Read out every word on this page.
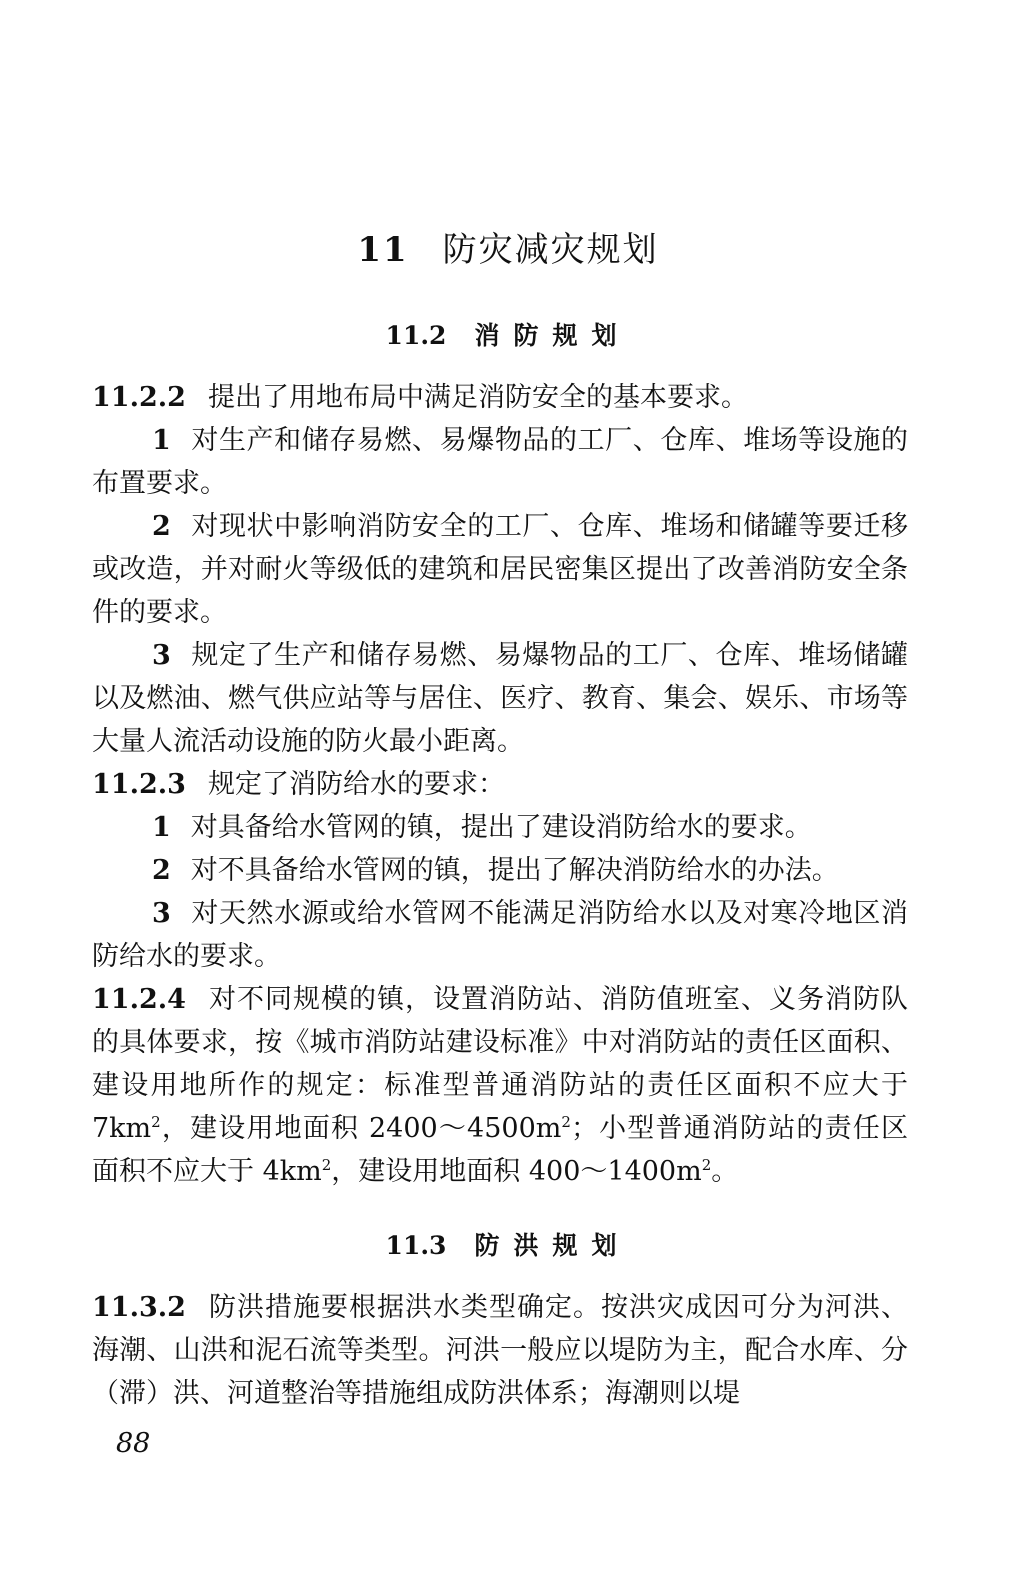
11 防灾减灾规划
11.2 消防规划

11.2.2 提出了用地布局中满足消防安全的基本要求。

1 对生产和储存易燃、易爆物品的工厂、仓库、堆场等设施的布置要求。

2 对现状中影响消防安全的工厂、仓库、堆场和储罐等要迁移或改造，并对耐火等级低的建筑和居民密集区提出了改善消防安全条件的要求。

3 规定了生产和储存易燃、易爆物品的工厂、仓库、堆场储罐以及燃油、燃气供应站等与居住、医疗、教育、集会、娱乐、市场等大量人流活动设施的防火最小距离。

11.2.3 规定了消防给水的要求：

1 对具备给水管网的镇，提出了建设消防给水的要求。

2 对不具备给水管网的镇，提出了解决消防给水的办法。

3 对天然水源或给水管网不能满足消防给水以及对寒冷地区消防给水的要求。

11.2.4 对不同规模的镇，设置消防站、消防值班室、义务消防队的具体要求，按《城市消防站建设标准》中对消防站的责任区面积、建设用地所作的规定：标准型普通消防站的责任区面积不应大于 $7km^2$，建设用地面积 $2400\sim 4500m^2$；小型普通消防站的责任区面积不应大于 $4km^2$，建设用地面积 $400\sim 1400m^2$。

11.3 防洪规划

11.3.2 防洪措施要根据洪水类型确定。按洪灾成因可分为河洪、海潮、山洪和泥石流等类型。河洪一般应以堤防为主，配合水库、分（滞）洪、河道整治等措施组成防洪体系；海潮则以堤

88
